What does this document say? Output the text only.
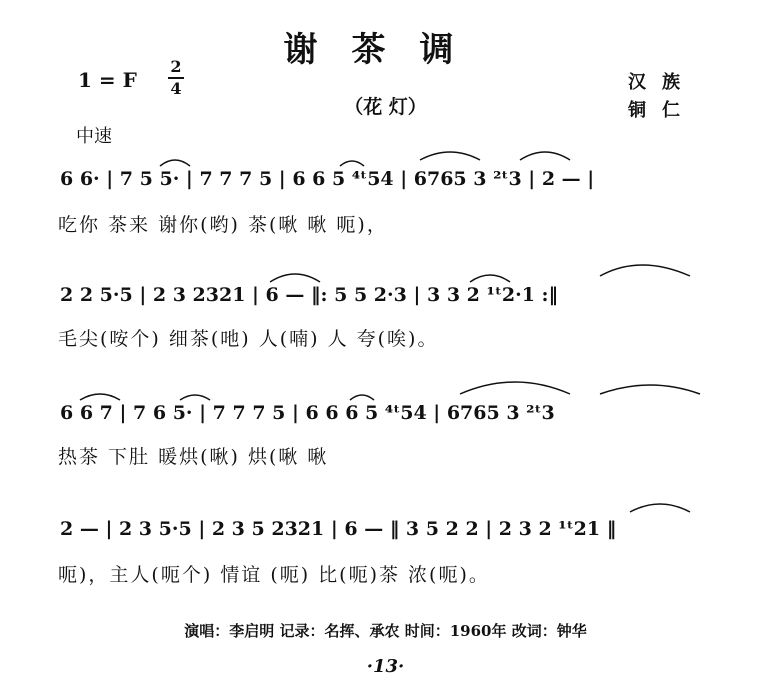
谢茶调
1 = F
2
4
（花 灯）
汉族
铜仁
中速
6 6· | 7 5 5· | 7 7 7 5 | 6 6 5 ⁴ᵗ54 | 6765 3 ²ᵗ3 | 2 — |
吃你 茶来 谢你(哟) 茶(啾 啾 呃)，
2 2 5·5 | 2 3 2321 | 6 — ‖: 5 5 2·3 | 3 3 2 ¹ᵗ2·1 :‖
毛尖(咹个) 细茶(吔) 人(喃) 人 夸(唉)。
6 6 7 | 7 6 5· | 7 7 7 5 | 6 6 6 5 ⁴ᵗ54 | 6765 3 ²ᵗ3
热茶 下肚 暖烘(啾) 烘(啾 啾
2 — | 2 3 5·5 | 2 3 5 2321 | 6 — ‖ 3 5 2 2 | 2 3 2 ¹ᵗ21 ‖
呃)，主人(呃个) 情谊 (呃) 比(呃)茶 浓(呃)。
演唱：李启明 记录：名挥、承农 时间：1960年 改词：钟华
·13·
